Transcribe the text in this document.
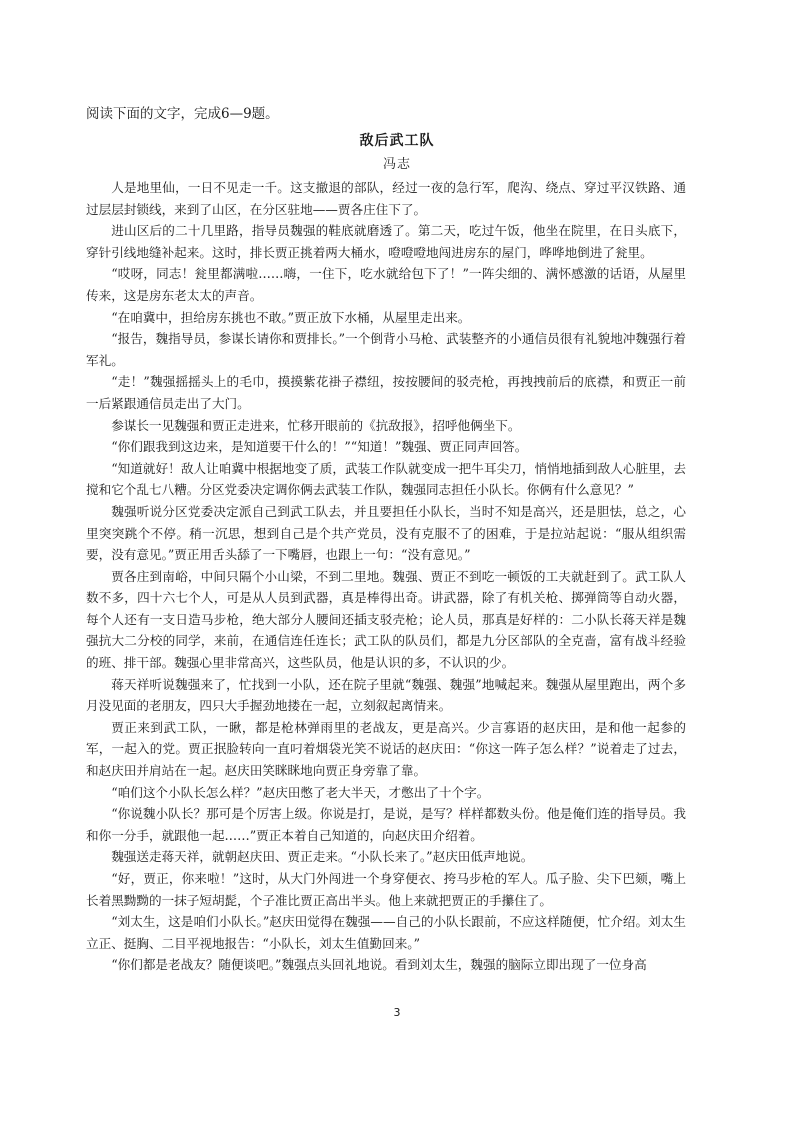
阅读下面的文字，完成6—9题。
敌后武工队
冯志

人是地里仙，一日不见走一千。这支撤退的部队，经过一夜的急行军，爬沟、绕点、穿过平汉铁路、通过层层封锁线，来到了山区，在分区驻地——贾各庄住下了。

进山区后的二十几里路，指导员魏强的鞋底就磨透了。第二天，吃过午饭，他坐在院里，在日头底下，穿针引线地缝补起来。这时，排长贾正挑着两大桶水，噔噔噔地闯进房东的屋门，哗哗地倒进了瓮里。

“哎呀，同志！瓮里都满啦……嗨，一住下，吃水就给包下了！”一阵尖细的、满怀感激的话语，从屋里传来，这是房东老太太的声音。

“在咱冀中，担给房东挑也不敢。”贾正放下水桶，从屋里走出来。

“报告，魏指导员，参谋长请你和贾排长。”一个倒背小马枪、武装整齐的小通信员很有礼貌地冲魏强行着军礼。

“走！”魏强摇摇头上的毛巾，摸摸紫花褂子襟纽，按按腰间的驳壳枪，再拽拽前后的底襟，和贾正一前一后紧跟通信员走出了大门。

参谋长一见魏强和贾正走进来，忙移开眼前的《抗敌报》，招呼他俩坐下。

“你们跟我到这边来，是知道要干什么的！”“知道！”魏强、贾正同声回答。

“知道就好！敌人让咱冀中根据地变了质，武装工作队就变成一把牛耳尖刀，悄悄地插到敌人心脏里，去搅和它个乱七八糟。分区党委决定调你俩去武装工作队，魏强同志担任小队长。你俩有什么意见？”

魏强听说分区党委决定派自己到武工队去，并且要担任小队长，当时不知是高兴，还是胆怯，总之，心里突突跳个不停。稍一沉思，想到自己是个共产党员，没有克服不了的困难，于是拉站起说：“服从组织需要，没有意见。”贾正用舌头舔了一下嘴唇，也跟上一句：“没有意见。”

贾各庄到南峪，中间只隔个小山梁，不到二里地。魏强、贾正不到吃一顿饭的工夫就赶到了。武工队人数不多，四十六七个人，可是从人员到武器，真是棒得出奇。讲武器，除了有机关枪、掷弹筒等自动火器，每个人还有一支日造马步枪，绝大部分人腰间还插支驳壳枪；论人员，那真是好样的：二小队长蒋天祥是魏强抗大二分校的同学，来前，在通信连任连长；武工队的队员们，都是九分区部队的全克啬，富有战斗经验的班、排干部。魏强心里非常高兴，这些队员，他是认识的多，不认识的少。

蒋天祥听说魏强来了，忙找到一小队，还在院子里就“魏强、魏强”地喊起来。魏强从屋里跑出，两个多月没见面的老朋友，四只大手握劲地搂在一起，立刻叙起离情来。

贾正来到武工队，一瞅，都是枪林弹雨里的老战友，更是高兴。少言寡语的赵庆田，是和他一起参的军，一起入的党。贾正抿脸转向一直叼着烟袋光笑不说话的赵庆田：“你这一阵子怎么样？”说着走了过去，和赵庆田并肩站在一起。赵庆田笑眯眯地向贾正身旁靠了靠。

“咱们这个小队长怎么样？”赵庆田憋了老大半天，才憋出了十个字。

“你说魏小队长？那可是个厉害上级。你说是打，是说，是写？样样都数头份。他是俺们连的指导员。我和你一分手，就跟他一起……”贾正本着自己知道的，向赵庆田介绍着。

魏强送走蒋天祥，就朝赵庆田、贾正走来。“小队长来了。”赵庆田低声地说。

“好，贾正，你来啦！”这时，从大门外闯进一个身穿便衣、挎马步枪的军人。瓜子脸、尖下巴颏，嘴上长着黑黝黝的一抹子短胡髭，个子准比贾正高出半头。他上来就把贾正的手攥住了。

“刘太生，这是咱们小队长。”赵庆田觉得在魏强——自己的小队长跟前，不应这样随便，忙介绍。刘太生立正、挺胸、二目平视地报告：“小队长，刘太生值勤回来。”

“你们都是老战友？随便谈吧。”魏强点头回礼地说。看到刘太生，魏强的脑际立即出现了一位身高

3
